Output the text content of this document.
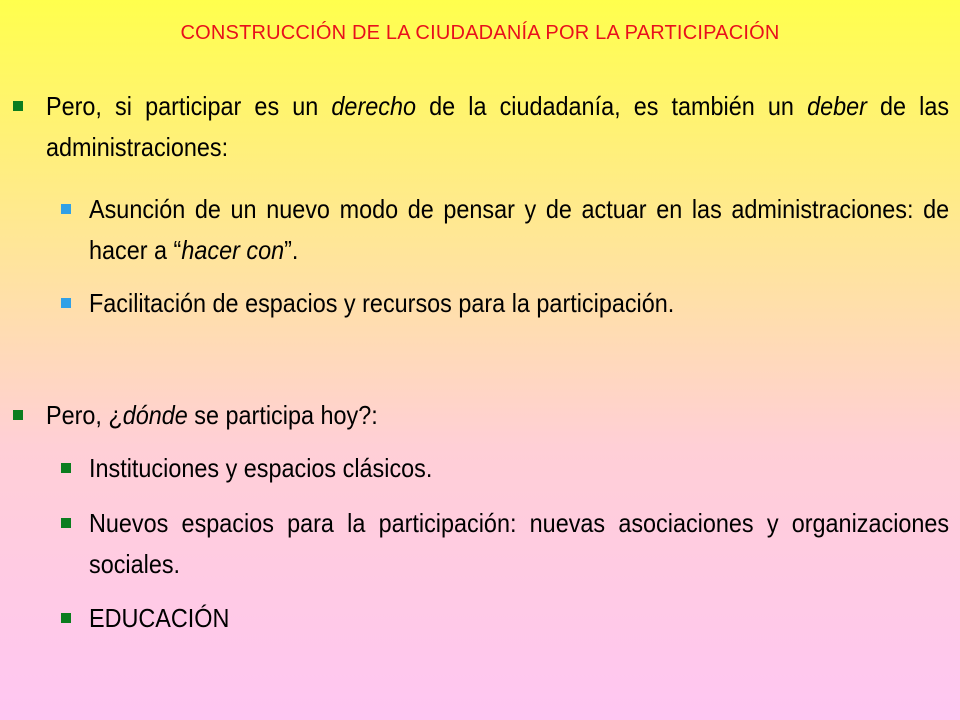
CONSTRUCCIÓN DE LA CIUDADANÍA POR LA PARTICIPACIÓN
Pero, si participar es un derecho de la ciudadanía, es también un deber de las administraciones:
Asunción de un nuevo modo de pensar y de actuar en las administraciones: de hacer a “hacer con”.
Facilitación de espacios y recursos para la participación.
Pero, ¿dónde se participa hoy?:
Instituciones y espacios clásicos.
Nuevos espacios para la participación: nuevas asociaciones y organizaciones sociales.
EDUCACIÓN
